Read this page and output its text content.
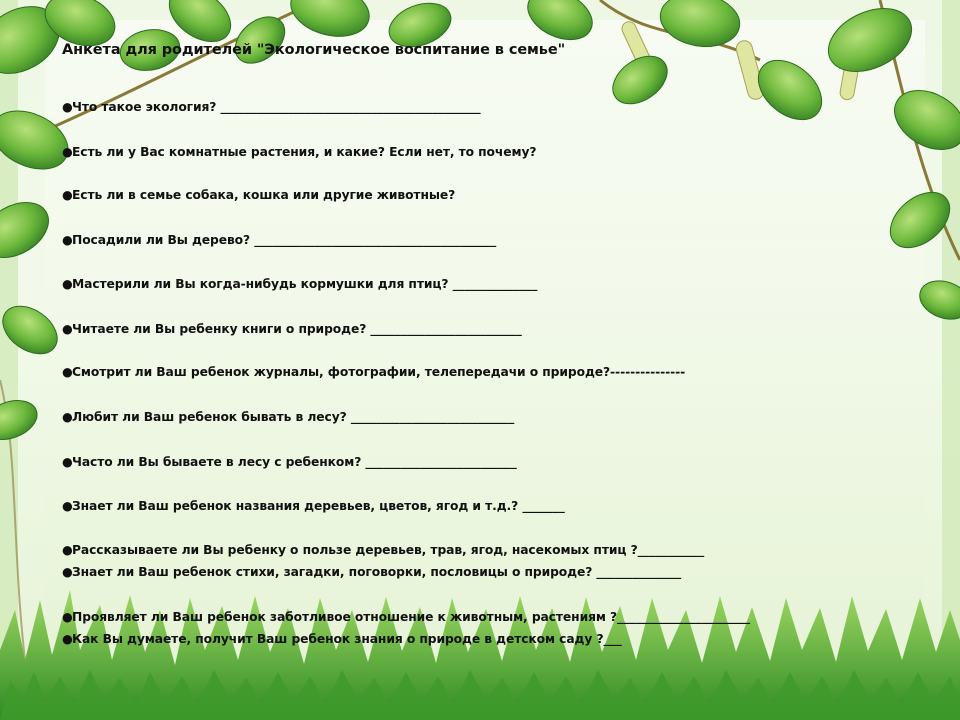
Анкета для родителей "Экологическое воспитание в семье"
●Что такое экология? ___________________________________________
●Есть ли у Вас комнатные растения, и какие? Если нет, то почему?
●Есть ли в семье собака, кошка или другие животные?
●Посадили ли Вы дерево? ________________________________________
●Мастерили ли Вы когда-нибудь кормушки для птиц? ______________
●Читаете ли Вы ребенку книги о природе? _________________________
●Смотрит ли Ваш ребенок журналы, фотографии, телепередачи о природе?---------------
●Любит ли Ваш ребенок бывать в лесу? ___________________________
●Часто ли Вы бываете в лесу с ребенком? _________________________
●Знает ли Ваш ребенок названия деревьев, цветов, ягод и т.д.? _______
●Рассказываете ли Вы ребенку о пользе деревьев, трав, ягод, насекомых птиц ?___________
●Знает ли Ваш ребенок стихи, загадки, поговорки, пословицы о природе? ______________
●Проявляет ли Ваш ребенок заботливое отношение к животным, растениям ?______________________
●Как Вы думаете, получит Ваш ребенок знания о природе в детском саду ?___
